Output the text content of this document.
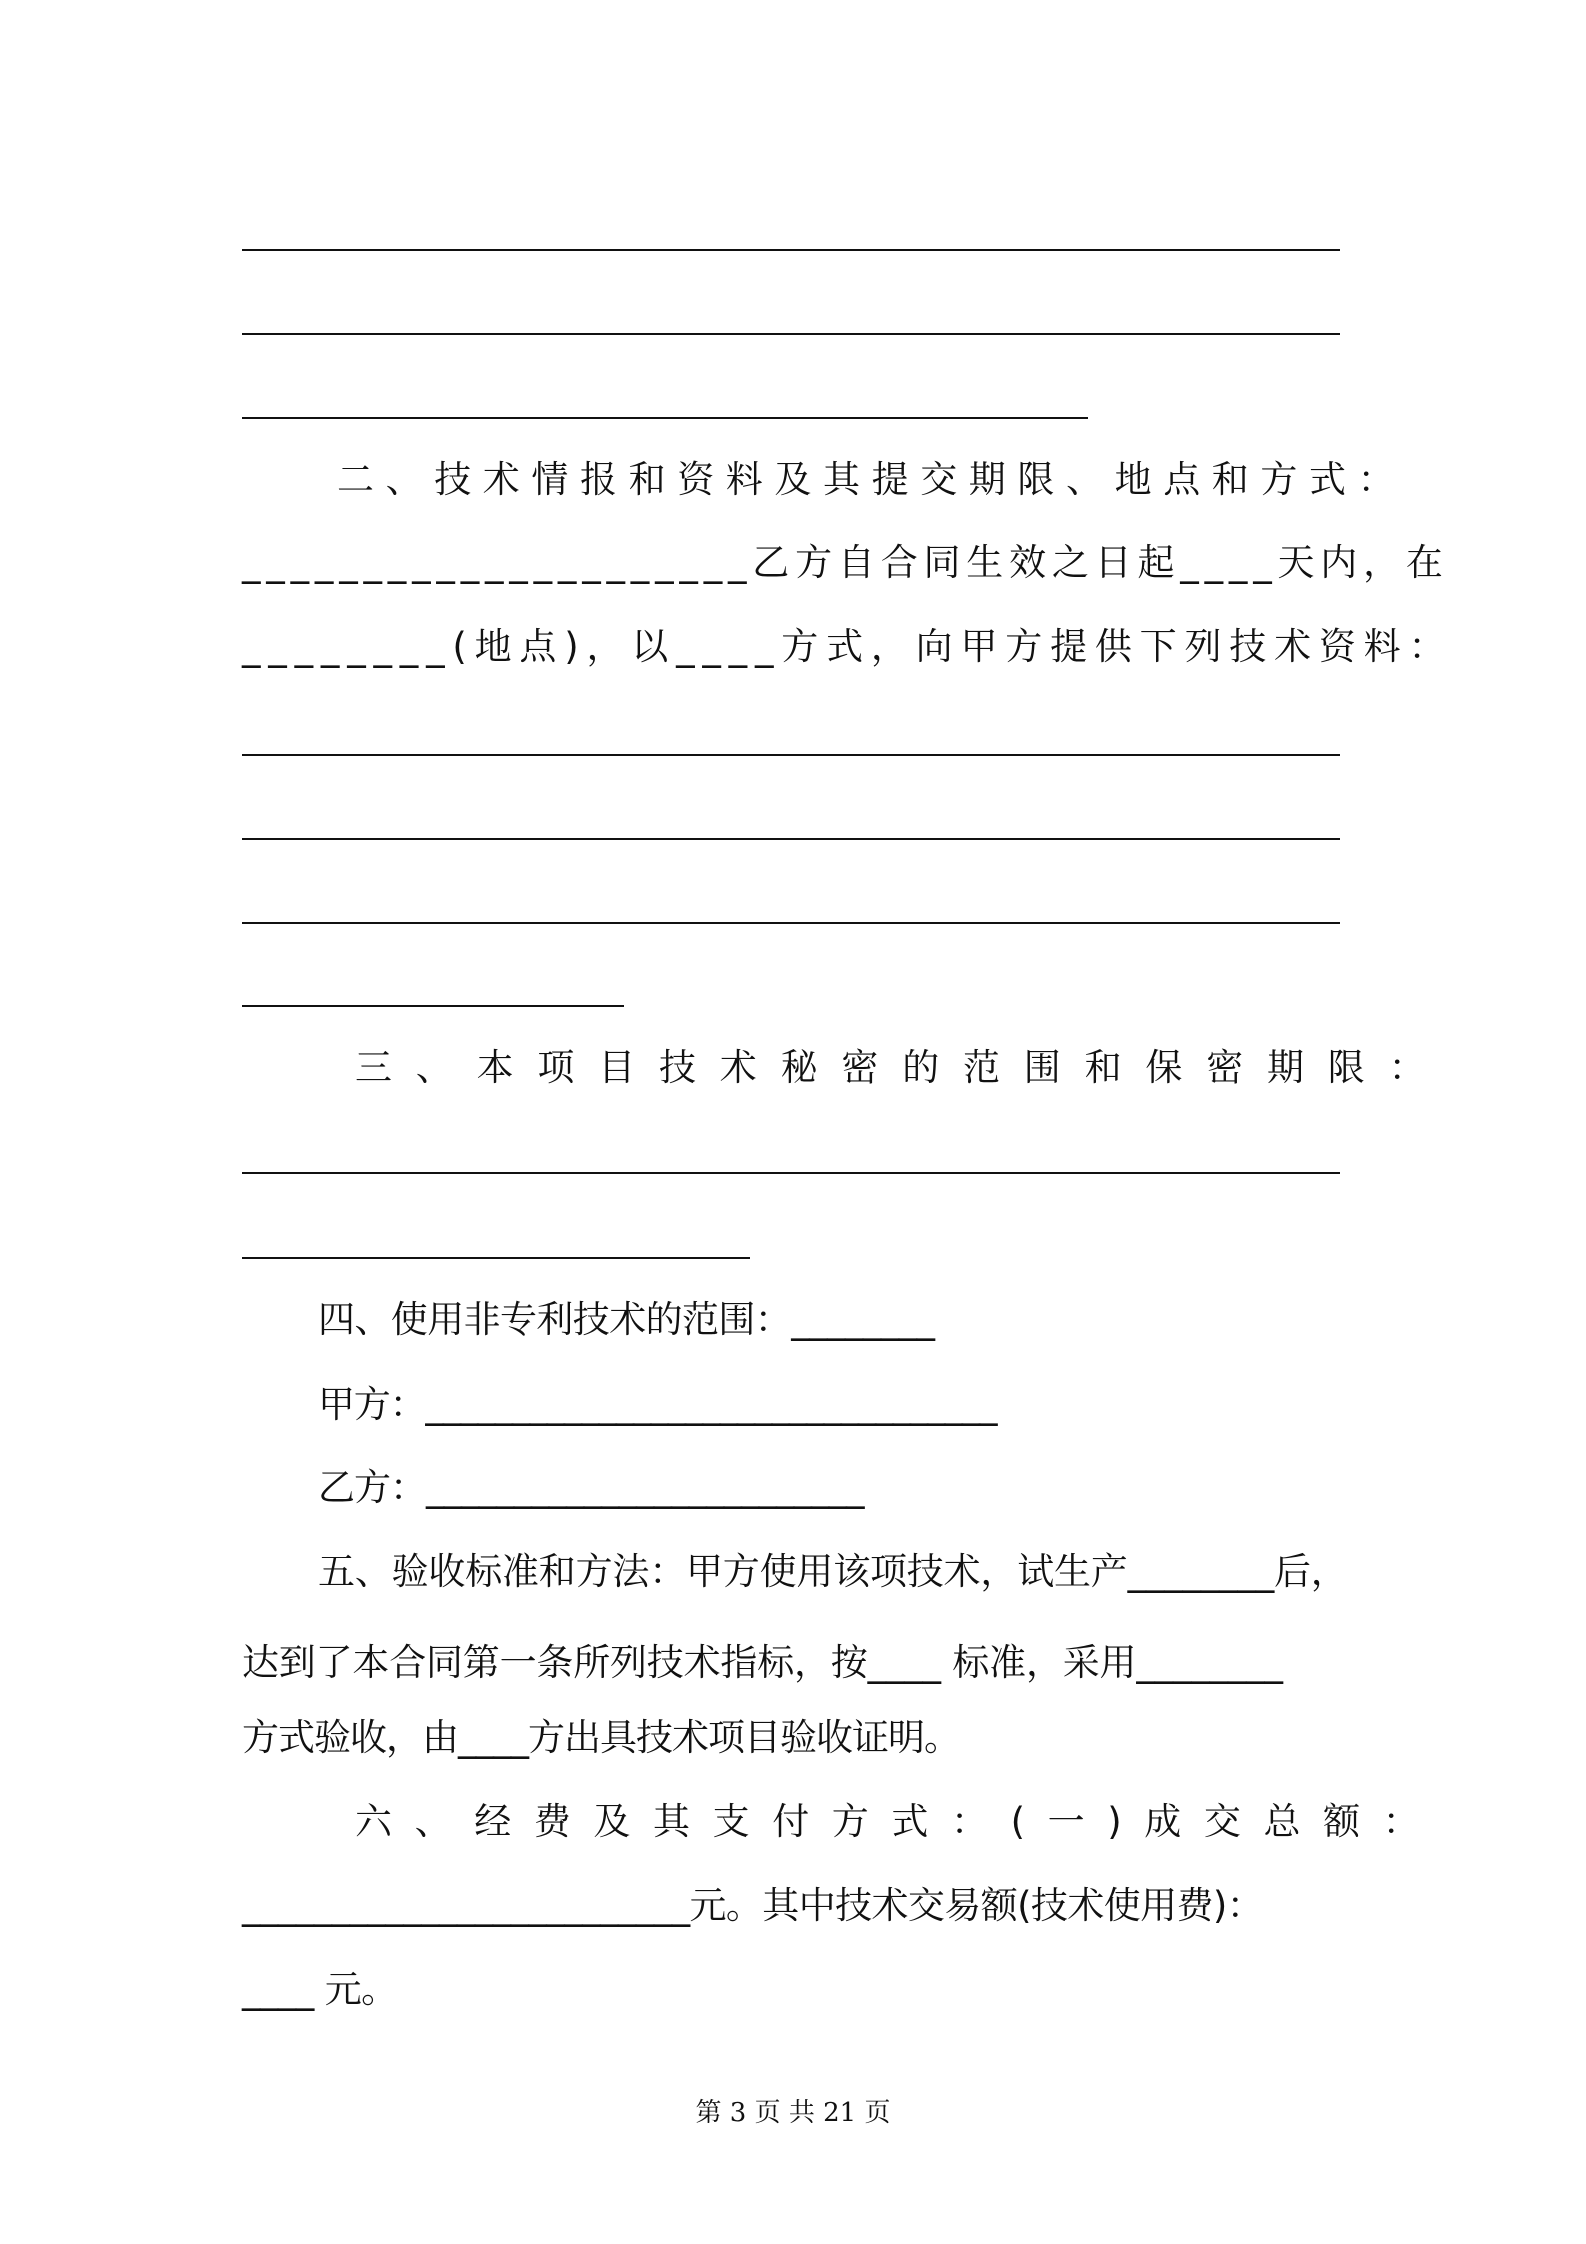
二、技术情报和资料及其提交期限、地点和方式：

_____________________乙方自合同生效之日起____天内，在

________(地点)，以____方式，向甲方提供下列技术资料：

三、本项目技术秘密的范围和保密期限：

四、使用非专利技术的范围：________

甲方：_________________________________

乙方：_________________________

五、验收标准和方法：甲方使用该项技术，试生产________后，

达到了本合同第一条所列技术指标，按____ 标准，采用________

方式验收，由____方出具技术项目验收证明。

六、经费及其支付方式：(一)成交总额：

_________________________元。其中技术交易额(技术使用费)：

____ 元。

第 3 页 共 21 页
